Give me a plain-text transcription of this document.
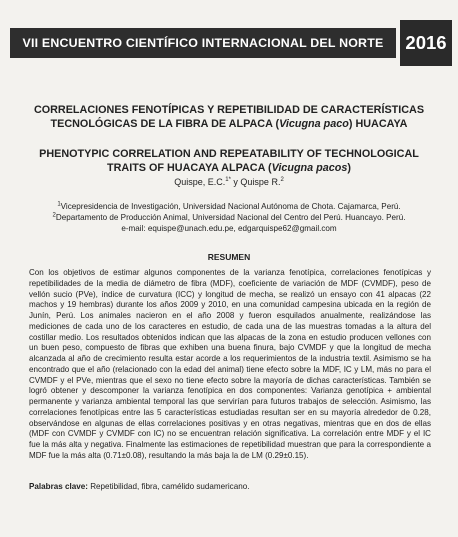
VII ENCUENTRO CIENTÍFICO INTERNACIONAL DEL NORTE	2016
CORRELACIONES FENOTÍPICAS Y REPETIBILIDAD DE CARACTERÍSTICAS TECNOLÓGICAS DE LA FIBRA DE ALPACA (Vicugna paco) HUACAYA
PHENOTYPIC CORRELATION AND REPEATABILITY OF TECHNOLOGICAL TRAITS OF HUACAYA ALPACA (Vicugna pacos)
Quispe, E.C.$^{1*}$ y Quispe R.$^2$
$^1$Vicepresidencia de Investigación, Universidad Nacional Autónoma de Chota. Cajamarca, Perú.
$^2$Departamento de Producción Animal, Universidad Nacional del Centro del Perú. Huancayo. Perú.
e-mail: equispe@unach.edu.pe, edgarquispe62@gmail.com
RESUMEN

Con los objetivos de estimar algunos componentes de la varianza fenotípica, correlaciones fenotípicas y repetibilidades de la media de diámetro de fibra (MDF), coeficiente de variación de MDF (CVMDF), peso de vellón sucio (PVe), índice de curvatura (ICC) y longitud de mecha, se realizó un ensayo con 41 alpacas (22 machos y 19 hembras) durante los años 2009 y 2010, en una comunidad campesina ubicada en la región de Junín, Perú. Los animales nacieron en el año 2008 y fueron esquilados anualmente, realizándose las mediciones de cada uno de los caracteres en estudio, de cada una de las muestras tomadas a la altura del costillar medio. Los resultados obtenidos indican que las alpacas de la zona en estudio producen vellones con un buen peso, compuesto de fibras que exhiben una buena finura, bajo CVMDF y que la longitud de mecha alcanzada al año de crecimiento resulta estar acorde a los requerimientos de la industria textil. Asimismo se ha encontrado que el año (relacionado con la edad del animal) tiene efecto sobre la MDF, IC y LM, más no para el CVMDF y el PVe, mientras que el sexo no tiene efecto sobre la mayoría de dichas características. También se logró obtener y descomponer la varianza fenotípica en dos componentes: Varianza genotípica + ambiental permanente y varianza ambiental temporal las que servirían para futuros trabajos de selección. Asimismo, las correlaciones fenotípicas entre las 5 características estudiadas resultan ser en su mayoría alrededor de 0.28, observándose en algunas de ellas correlaciones positivas y en otras negativas, mientras que en dos de ellas (MDF con CVMDF y CVMDF con IC) no se encuentran relación significativa. La correlación entre MDF y el IC fue la más alta y negativa. Finalmente las estimaciones de repetibilidad muestran que para la correspondiente a MDF fue la más alta (0.71±0.08), resultando la más baja la de LM (0.29±0.15).

Palabras clave: Repetibilidad, fibra, camélido sudamericano.
